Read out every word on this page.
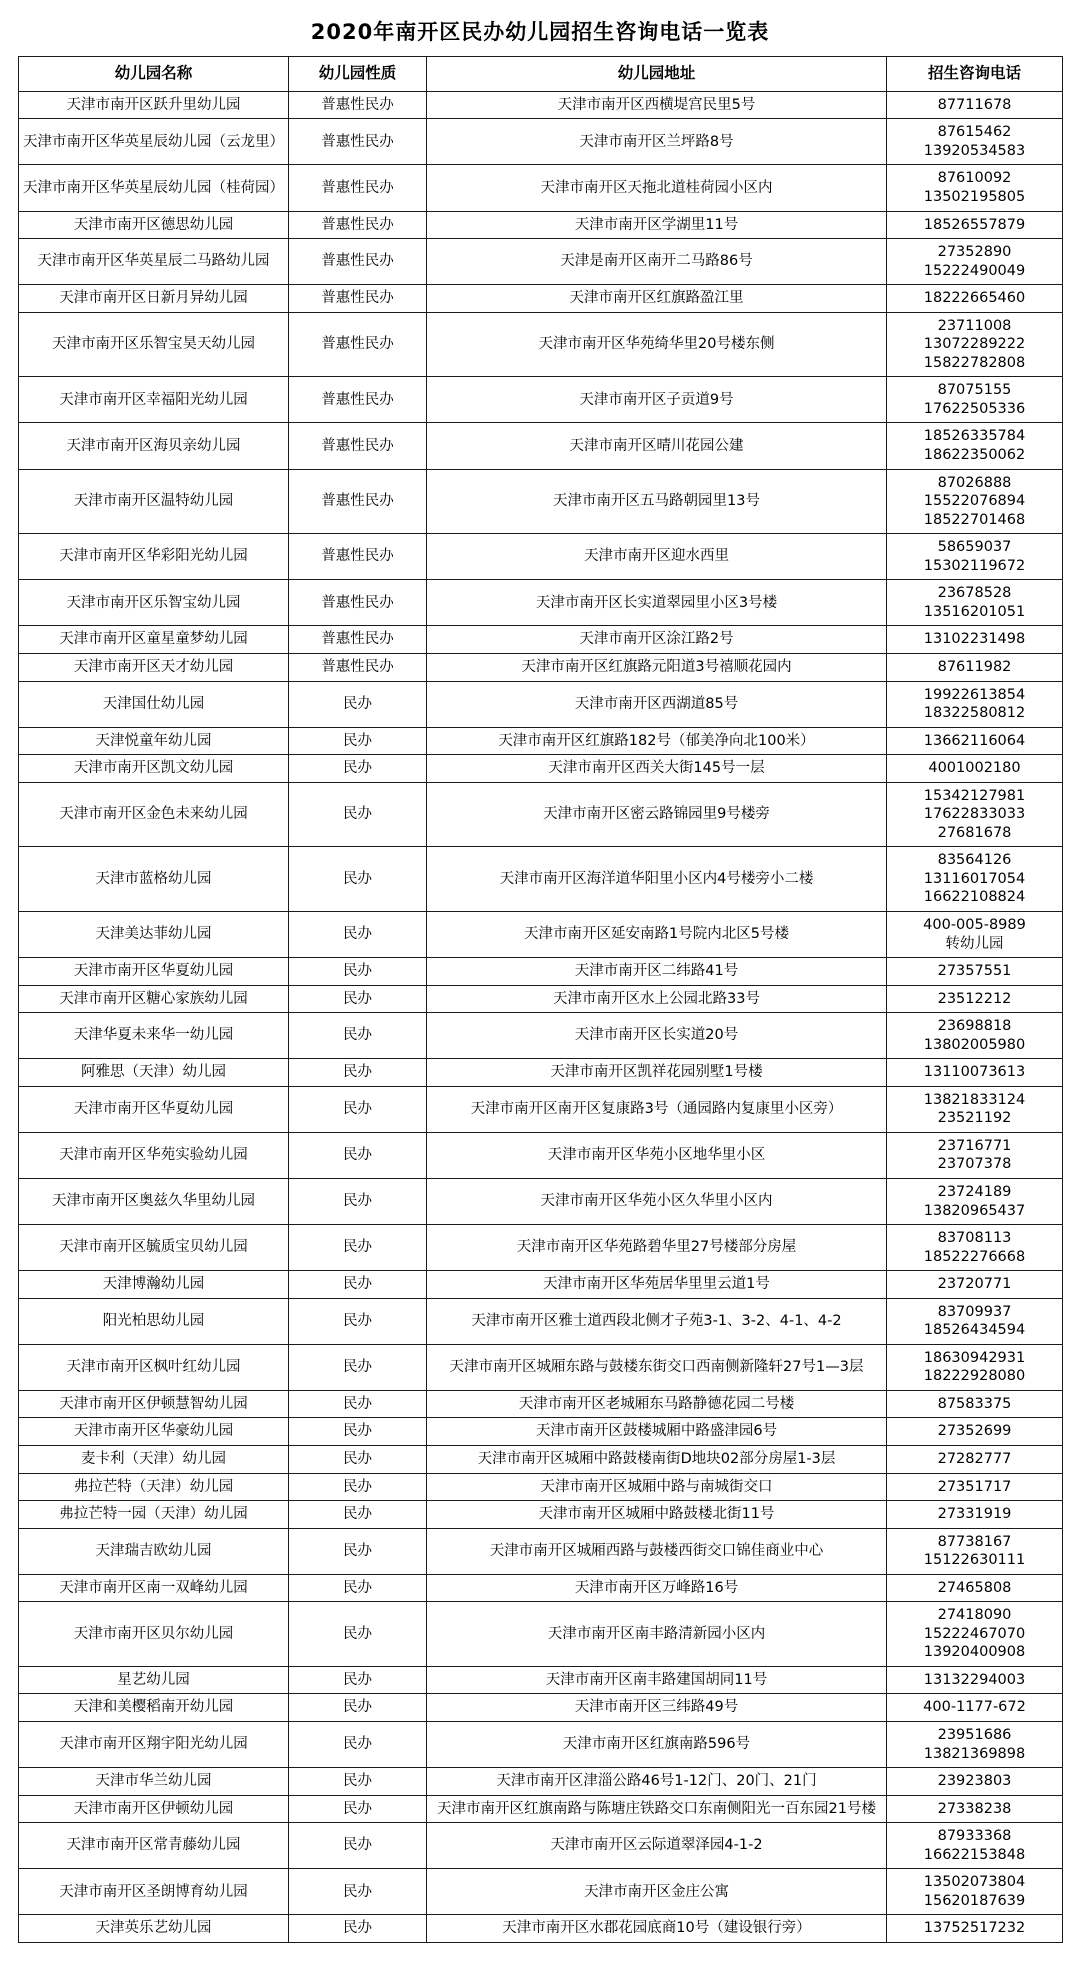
2020年南开区民办幼儿园招生咨询电话一览表
幼儿园名称	幼儿园性质	幼儿园地址	招生咨询电话
天津市南开区跃升里幼儿园	普惠性民办	天津市南开区西横堤宫民里5号	87711678

天津市南开区华英星辰幼儿园（云龙里）	普惠性民办	天津市南开区兰坪路8号	87615462
13920534583

天津市南开区华英星辰幼儿园（桂荷园）	普惠性民办	天津市南开区天拖北道桂荷园小区内	87610092
13502195805

天津市南开区德思幼儿园	普惠性民办	天津市南开区学湖里11号	18526557879

天津市南开区华英星辰二马路幼儿园	普惠性民办	天津是南开区南开二马路86号	27352890
15222490049

天津市南开区日新月异幼儿园	普惠性民办	天津市南开区红旗路盈江里	18222665460

天津市南开区乐智宝昊天幼儿园	普惠性民办	天津市南开区华苑绮华里20号楼东侧	23711008
13072289222
15822782808

天津市南开区幸福阳光幼儿园	普惠性民办	天津市南开区子贡道9号	87075155
17622505336

天津市南开区海贝亲幼儿园	普惠性民办	天津市南开区晴川花园公建	18526335784
18622350062

天津市南开区温特幼儿园	普惠性民办	天津市南开区五马路朝园里13号	87026888
15522076894
18522701468

天津市南开区华彩阳光幼儿园	普惠性民办	天津市南开区迎水西里	58659037
15302119672

天津市南开区乐智宝幼儿园	普惠性民办	天津市南开区长实道翠园里小区3号楼	23678528
13516201051

天津市南开区童星童梦幼儿园	普惠性民办	天津市南开区涂江路2号	13102231498

天津市南开区天才幼儿园	普惠性民办	天津市南开区红旗路元阳道3号禧顺花园内	87611982

天津国仕幼儿园	民办	天津市南开区西湖道85号	19922613854
18322580812

天津悦童年幼儿园	民办	天津市南开区红旗路182号（郁美净向北100米）	13662116064

天津市南开区凯文幼儿园	民办	天津市南开区西关大街145号一层	4001002180

天津市南开区金色未来幼儿园	民办	天津市南开区密云路锦园里9号楼旁	15342127981
17622833033
27681678

天津市蓝格幼儿园	民办	天津市南开区海洋道华阳里小区内4号楼旁小二楼	83564126
13116017054
16622108824

天津美达菲幼儿园	民办	天津市南开区延安南路1号院内北区5号楼	400-005-8989
转幼儿园

天津市南开区华夏幼儿园	民办	天津市南开区二纬路41号	27357551

天津市南开区糖心家族幼儿园	民办	天津市南开区水上公园北路33号	23512212

天津华夏未来华一幼儿园	民办	天津市南开区长实道20号	23698818
13802005980

阿雅思（天津）幼儿园	民办	天津市南开区凯祥花园别墅1号楼	13110073613

天津市南开区华夏幼儿园	民办	天津市南开区南开区复康路3号（通园路内复康里小区旁）	13821833124
23521192

天津市南开区华苑实验幼儿园	民办	天津市南开区华苑小区地华里小区	23716771
23707378

天津市南开区奥兹久华里幼儿园	民办	天津市南开区华苑小区久华里小区内	23724189
13820965437

天津市南开区毓质宝贝幼儿园	民办	天津市南开区华苑路碧华里27号楼部分房屋	83708113
18522276668

天津博瀚幼儿园	民办	天津市南开区华苑居华里里云道1号	23720771

阳光柏思幼儿园	民办	天津市南开区雅士道西段北侧才子苑3-1、3-2、4-1、4-2	83709937
18526434594

天津市南开区枫叶红幼儿园	民办	天津市南开区城厢东路与鼓楼东街交口西南侧新隆轩27号1—3层	18630942931
18222928080

天津市南开区伊顿慧智幼儿园	民办	天津市南开区老城厢东马路静德花园二号楼	87583375

天津市南开区华豪幼儿园	民办	天津市南开区鼓楼城厢中路盛津园6号	27352699

麦卡利（天津）幼儿园	民办	天津市南开区城厢中路鼓楼南街D地块02部分房屋1-3层	27282777

弗拉芒特（天津）幼儿园	民办	天津市南开区城厢中路与南城街交口	27351717

弗拉芒特一园（天津）幼儿园	民办	天津市南开区城厢中路鼓楼北街11号	27331919

天津瑞吉欧幼儿园	民办	天津市南开区城厢西路与鼓楼西街交口锦佳商业中心	87738167
15122630111

天津市南开区南一双峰幼儿园	民办	天津市南开区万峰路16号	27465808

天津市南开区贝尔幼儿园	民办	天津市南开区南丰路清新园小区内	27418090
15222467070
13920400908

星艺幼儿园	民办	天津市南开区南丰路建国胡同11号	13132294003

天津和美樱稻南开幼儿园	民办	天津市南开区三纬路49号	400-1177-672

天津市南开区翔宇阳光幼儿园	民办	天津市南开区红旗南路596号	23951686
13821369898

天津市华兰幼儿园	民办	天津市南开区津淄公路46号1-12门、20门、21门	23923803

天津市南开区伊顿幼儿园	民办	天津市南开区红旗南路与陈塘庄铁路交口东南侧阳光一百东园21号楼	27338238

天津市南开区常青藤幼儿园	民办	天津市南开区云际道翠泽园4-1-2	87933368
16622153848

天津市南开区圣朗博育幼儿园	民办	天津市南开区金庄公寓	13502073804
15620187639

天津英乐艺幼儿园	民办	天津市南开区水郡花园底商10号（建设银行旁）	13752517232
